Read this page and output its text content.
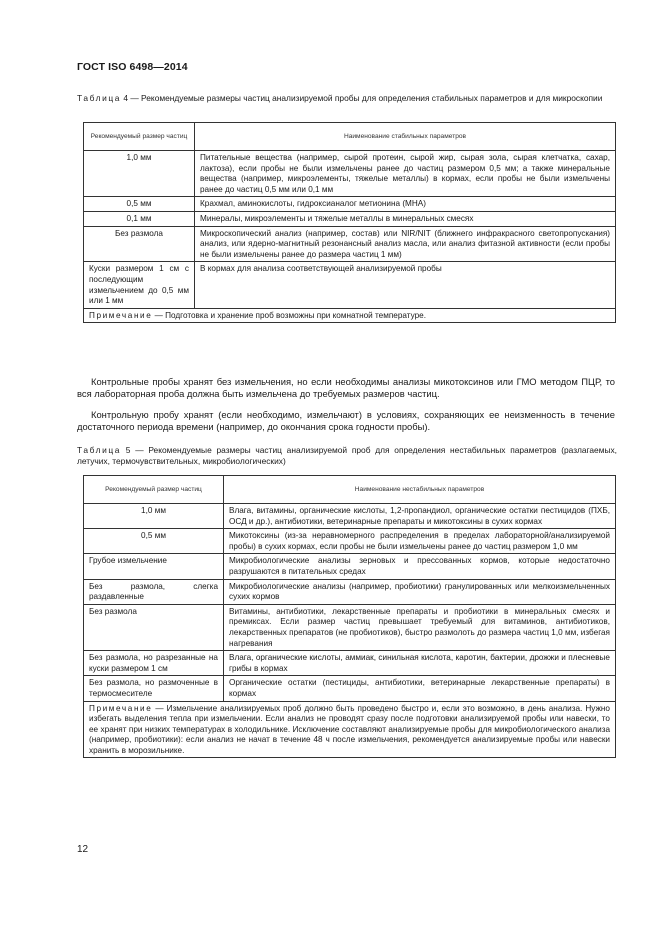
ГОСТ ISO 6498—2014
Таблица 4 — Рекомендуемые размеры частиц анализируемой пробы для определения стабильных параметров и для микроскопии
Рекомендуемый размер частиц	Наименование стабильных параметров
1,0 мм	Питательные вещества (например, сырой протеин, сырой жир, сырая зола, сырая клетчатка, сахар, лактоза), если пробы не были измельчены ранее до частиц размером 0,5 мм; а также минеральные вещества (например, микроэлементы, тяжелые металлы) в кормах, если пробы не были измельчены ранее до частиц 0,5 мм или 0,1 мм
0,5 мм	Крахмал, аминокислоты, гидроксианалог метионина (МНА)
0,1 мм	Минералы, микроэлементы и тяжелые металлы в минеральных смесях
Без размола	Микроскопический анализ (например, состав) или NIR/NIT (ближнего инфракрасного светопропускания) анализ, или ядерно-магнитный резонансный анализ масла, или анализ фитазной активности (если пробы не были измельчены ранее до размера частиц 1 мм)
Куски размером 1 см с последующим измельчением до 0,5 мм или 1 мм	В кормах для анализа соответствующей анализируемой пробы
Примечание — Подготовка и хранение проб возможны при комнатной температуре.	
Контрольные пробы хранят без измельчения, но если необходимы анализы микотоксинов или ГМО методом ПЦР, то вся лабораторная проба должна быть измельчена до требуемых размеров частиц.
Контрольную пробу хранят (если необходимо, измельчают) в условиях, сохраняющих ее неизменность в течение достаточного периода времени (например, до окончания срока годности пробы).
Таблица 5 — Рекомендуемые размеры частиц анализируемой проб для определения нестабильных параметров (разлагаемых, летучих, термочувствительных, микробиологических)
Рекомендуемый размер частиц	Наименование нестабильных параметров
1,0 мм	Влага, витамины, органические кислоты, 1,2-пропандиол, органические остатки пестицидов (ПХБ, ОСД и др.), антибиотики, ветеринарные препараты и микотоксины в сухих кормах
0,5 мм	Микотоксины (из-за неравномерного распределения в пределах лабораторной/анализируемой пробы) в сухих кормах, если пробы не были измельчены ранее до частиц размером 1,0 мм
Грубое измельчение	Микробиологические анализы зерновых и прессованных кормов, которые недостаточно разрушаются в питательных средах
Без размола, слегка раздавленные	Микробиологические анализы (например, пробиотики) гранулированных или мелкоизмельченных сухих кормов
Без размола	Витамины, антибиотики, лекарственные препараты и пробиотики в минеральных смесях и премиксах. Если размер частиц превышает требуемый для витаминов, антибиотиков, лекарственных препаратов (не пробиотиков), быстро размолоть до размера частиц 1,0 мм, избегая нагревания
Без размола, но разрезанные на куски размером 1 см	Влага, органические кислоты, аммиак, синильная кислота, каротин, бактерии, дрожжи и плесневые грибы в кормах
Без размола, но размоченные в термосмесителе	Органические остатки (пестициды, антибиотики, ветеринарные лекарственные препараты) в кормах
Примечание — Измельчение анализируемых проб должно быть проведено быстро и, если это возможно, в день анализа. Нужно избегать выделения тепла при измельчении. Если анализ не проводят сразу после подготовки анализируемой пробы или навески, то ее хранят при низких температурах в холодильнике. Исключение составляют анализируемые пробы для микробиологического анализа (например, пробиотики): если анализ не начат в течение 48 ч после измельчения, рекомендуется анализируемые пробы или навески хранить в морозильнике.	
12
